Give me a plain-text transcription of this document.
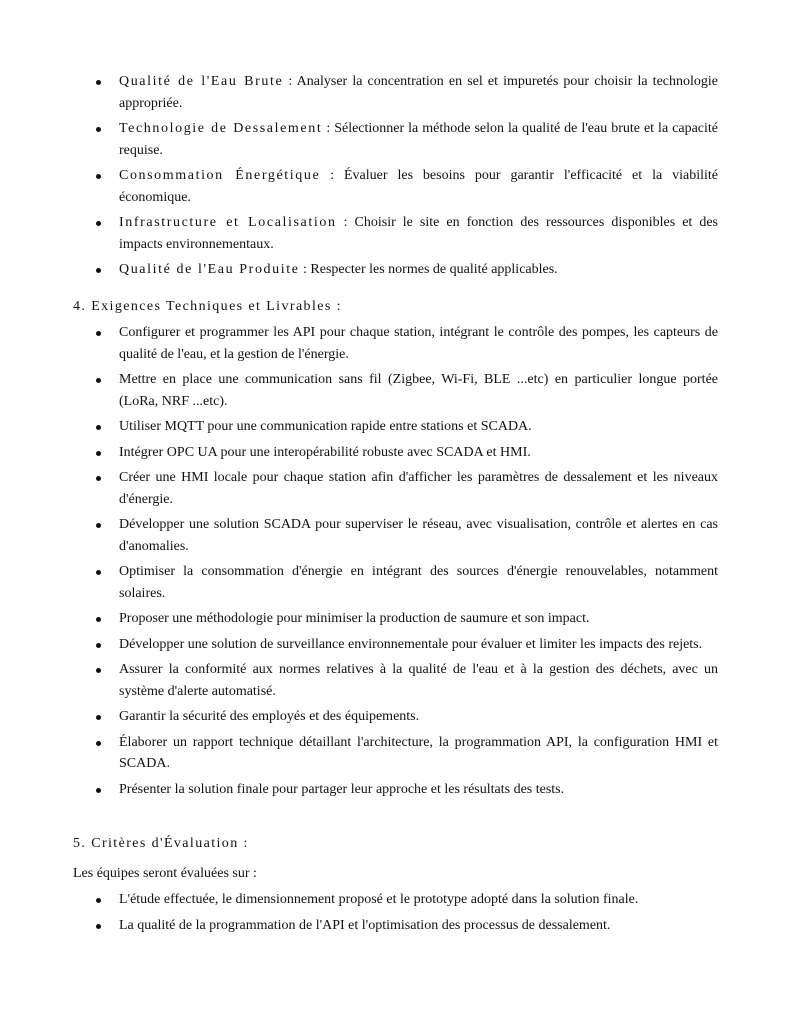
Qualité de l'Eau Brute : Analyser la concentration en sel et impuretés pour choisir la technologie appropriée.
Technologie de Dessalement : Sélectionner la méthode selon la qualité de l'eau brute et la capacité requise.
Consommation Énergétique : Évaluer les besoins pour garantir l'efficacité et la viabilité économique.
Infrastructure et Localisation : Choisir le site en fonction des ressources disponibles et des impacts environnementaux.
Qualité de l'Eau Produite : Respecter les normes de qualité applicables.
4. Exigences Techniques et Livrables :
Configurer et programmer les API pour chaque station, intégrant le contrôle des pompes, les capteurs de qualité de l'eau, et la gestion de l'énergie.
Mettre en place une communication sans fil (Zigbee, Wi-Fi, BLE ...etc) en particulier longue portée (LoRa, NRF ...etc).
Utiliser MQTT pour une communication rapide entre stations et SCADA.
Intégrer OPC UA pour une interopérabilité robuste avec SCADA et HMI.
Créer une HMI locale pour chaque station afin d'afficher les paramètres de dessalement et les niveaux d'énergie.
Développer une solution SCADA pour superviser le réseau, avec visualisation, contrôle et alertes en cas d'anomalies.
Optimiser la consommation d'énergie en intégrant des sources d'énergie renouvelables, notamment solaires.
Proposer une méthodologie pour minimiser la production de saumure et son impact.
Développer une solution de surveillance environnementale pour évaluer et limiter les impacts des rejets.
Assurer la conformité aux normes relatives à la qualité de l'eau et à la gestion des déchets, avec un système d'alerte automatisé.
Garantir la sécurité des employés et des équipements.
Élaborer un rapport technique détaillant l'architecture, la programmation API, la configuration HMI et SCADA.
Présenter la solution finale pour partager leur approche et les résultats des tests.
5. Critères d'Évaluation :
Les équipes seront évaluées sur :
L'étude effectuée, le dimensionnement proposé et le prototype adopté dans la solution finale.
La qualité de la programmation de l'API et l'optimisation des processus de dessalement.
